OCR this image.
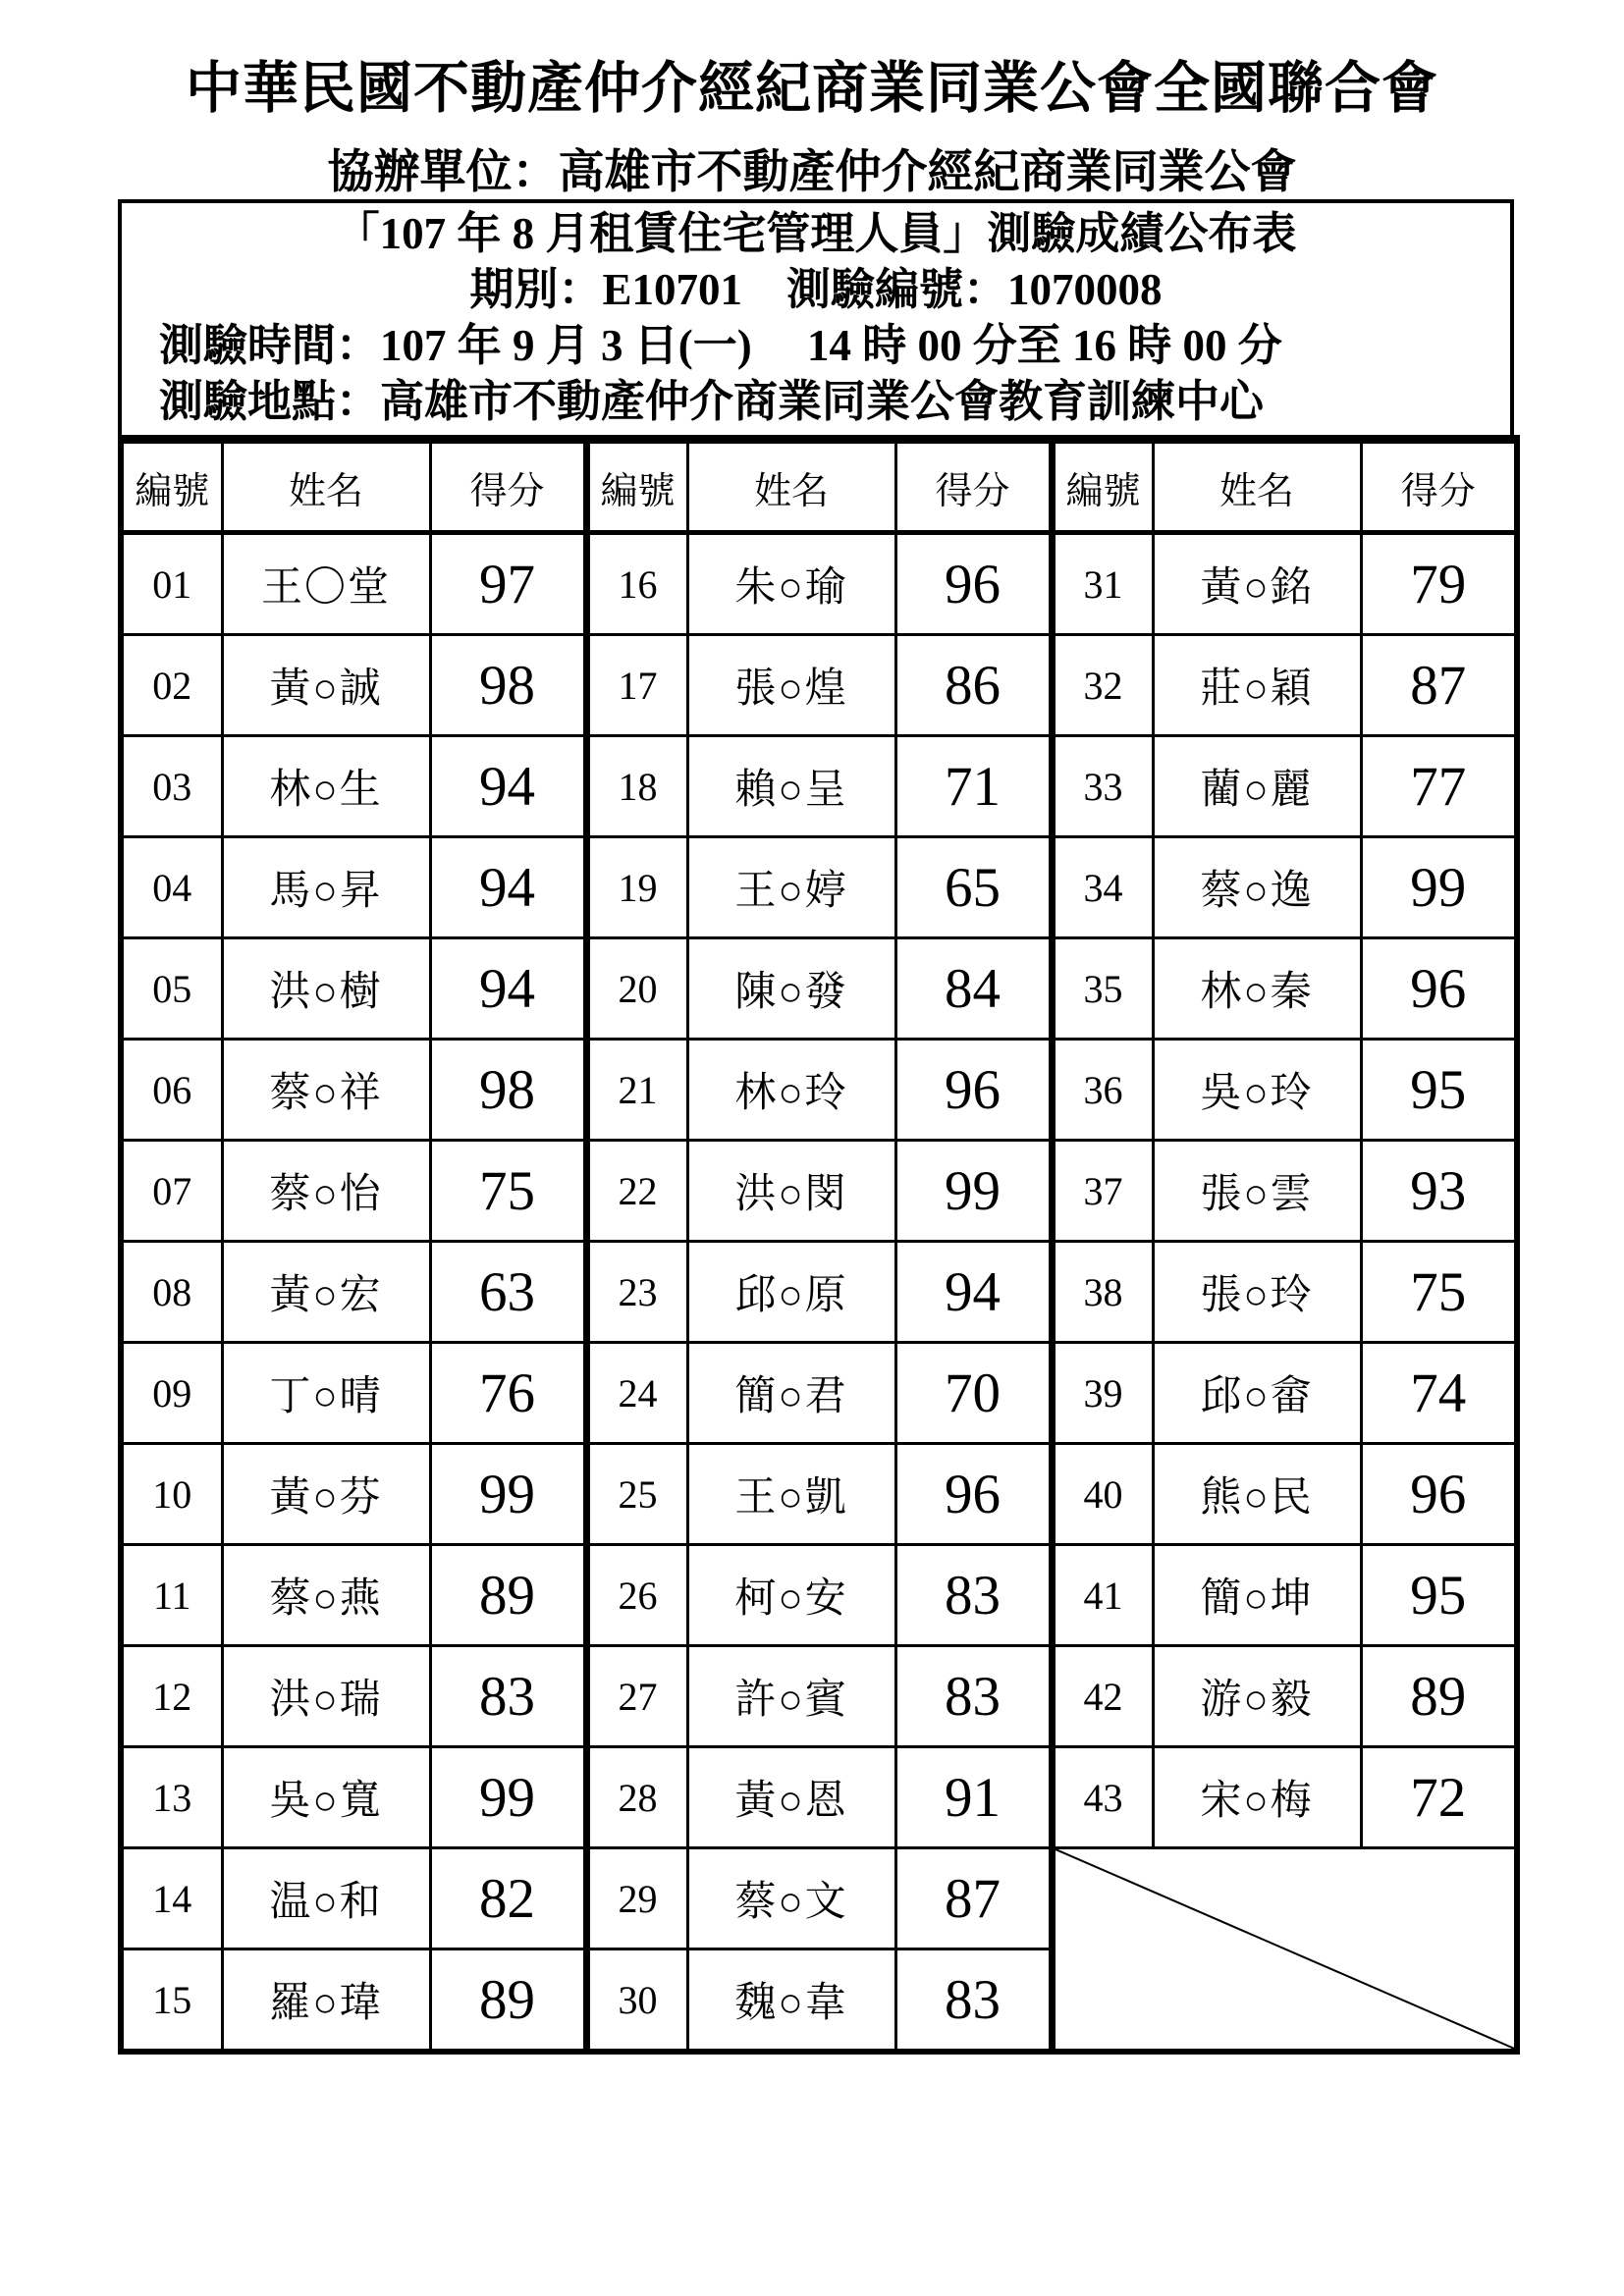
中華民國不動產仲介經紀商業同業公會全國聯合會
協辦單位：高雄市不動產仲介經紀商業同業公會
「107 年 8 月租賃住宅管理人員」測驗成績公布表
期別：E10701　測驗編號：1070008
測驗時間：107 年 9 月 3 日(一)　 14 時 00 分至 16 時 00 分
測驗地點：高雄市不動產仲介商業同業公會教育訓練中心
編號	姓名	得分	編號	姓名	得分	編號	姓名	得分
01	王〇堂	97	16	朱○瑜	96	31	黃○銘	79
02	黃○誠	98	17	張○煌	86	32	莊○穎	87
03	林○生	94	18	賴○呈	71	33	藺○麗	77
04	馬○昇	94	19	王○婷	65	34	蔡○逸	99
05	洪○樹	94	20	陳○發	84	35	林○秦	96
06	蔡○祥	98	21	林○玲	96	36	吳○玲	95
07	蔡○怡	75	22	洪○閔	99	37	張○雲	93
08	黃○宏	63	23	邱○原	94	38	張○玲	75
09	丁○晴	76	24	簡○君	70	39	邱○畲	74
10	黃○芬	99	25	王○凱	96	40	熊○民	96
11	蔡○燕	89	26	柯○安	83	41	簡○坤	95
12	洪○瑞	83	27	許○賓	83	42	游○毅	89
13	吳○寬	99	28	黃○恩	91	43	宋○梅	72
14	温○和	82	29	蔡○文	87	

15	羅○瑋	89	30	魏○韋	83			
